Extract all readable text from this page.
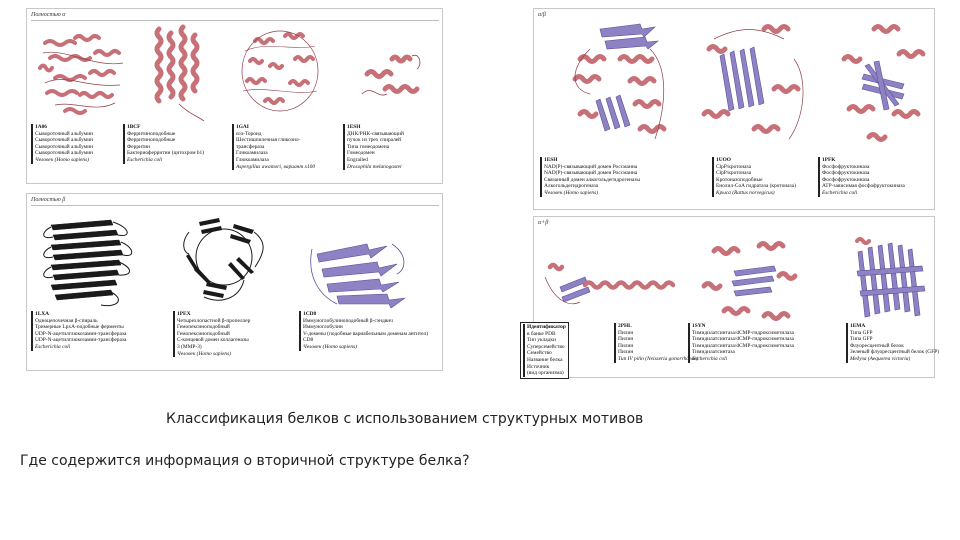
Полностью α
1A06
Сывороточный альбумин
Сывороточный альбумин
Сывороточный альбумин
Сывороточный альбумин
Человек (Homo sapiens)
1BCF
Ферритиноподобные
Ферритиноподобные
Ферритин
Бактериоферритин (цитохром b1)
Escherichia coli
1GAI
α/α-Тороид
Шестишпилечная гликозил-
трансфераза
Гликоамилаза
Глюкоамилаза
Aspergillus awamori, вариант x100
1ESH
ДНК/РНК-связывающий
пучок из трех спиралей
Типа гомеодомена
Гомеодомен
Engrailed
Drosophila melanogaster
Полностью β
1LXA
Одноцепочечная β-спираль
Тримерные LpxA-подобные ферменты
UDP-N-ацетилглюкозамин-трансфераза
UDP-N-ацетилглюкозамин-трансфераза
Escherichia coli
1PEX
Четырехлопастной β-пропеллер
Гемопексиноподобный
Гемопексиноподобный
С-концевой домен коллагеназы
3 (MMP-3)
Человек (Homo sapiens)
1CD8
Иммуноглобулиноподобный β-сэндвич
Иммуноглобулин
V-домены (подобные вариабельным доменам антител)
CD8
Человек (Homo sapiens)
α/β
1ESH
NAD(P)-связывающий домен Россманна
NAD(P)-связывающий домен Россманна
Связанный домен алкогольдегидрогеназы
Алкогольдегидрогеназа
Человек (Homo sapiens)
1UOO
ClpP/кротоназа
ClpP/кротоназа
Кротоназоподобные
Енолил-CoA гидратаза (кротоназа)
Крыса (Rattus norvegicus)
1PFK
Фосфофруктокиназа
Фосфофруктокиназа
Фосфофруктокиназа
ATP-зависимая фосфофруктокиназа
Escherichia coli
α+β
Идентификатор
в банке PDB
Тип укладки
Суперсемейство
Семейство
Название белка
Источник
(вид организма)
2PHL
Пилин
Пилин
Пилин
Пилин
Тип IV pilin (Neisseria gonorrhoeae)
1SYN
Тимидилатсинтаза/dCMP-гидроксиметилаза
Тимидилатсинтаза/dCMP-гидроксиметилаза
Тимидилатсинтаза/dCMP-гидроксиметилаза
Тимидилатсинтаза
Escherichia coli
1EMA
Типа GFP
Типа GFP
Флуоресцентный белок
Зеленый флуоресцентный белок (GFP)
Медуза (Aequorea victoria)
Классификация белков с использованием структурных мотивов
Где содержится информация о вторичной структуре белка?
